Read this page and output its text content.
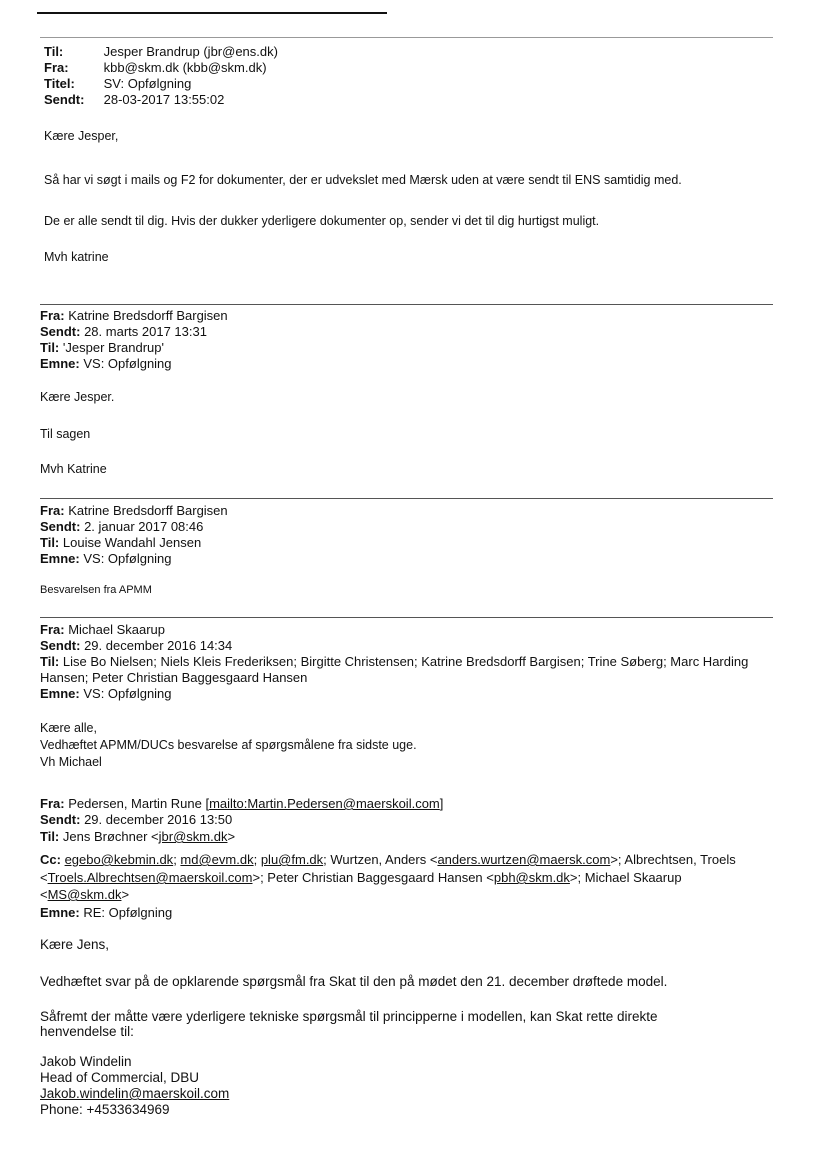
Til:	Jesper Brandrup (jbr@ens.dk)
Fra:	kbb@skm.dk (kbb@skm.dk)
Titel: SV: Opfølgning
Sendt: 28-03-2017 13:55:02
Kære Jesper,
Så har vi søgt i mails og F2 for dokumenter, der er udvekslet med Mærsk uden at være sendt til ENS samtidig med.
De er alle sendt til dig. Hvis der dukker yderligere dokumenter op, sender vi det til dig hurtigst muligt.
Mvh katrine
Fra: Katrine Bredsdorff Bargisen
Sendt: 28. marts 2017 13:31
Til: 'Jesper Brandrup'
Emne: VS: Opfølgning
Kære Jesper.
Til sagen
Mvh Katrine
Fra: Katrine Bredsdorff Bargisen
Sendt: 2. januar 2017 08:46
Til: Louise Wandahl Jensen
Emne: VS: Opfølgning
Besvarelsen fra APMM
Fra: Michael Skaarup
Sendt: 29. december 2016 14:34
Til: Lise Bo Nielsen; Niels Kleis Frederiksen; Birgitte Christensen; Katrine Bredsdorff Bargisen; Trine Søberg; Marc Harding
Hansen; Peter Christian Baggesgaard Hansen
Emne: VS: Opfølgning
Kære alle,
Vedhæftet APMM/DUCs besvarelse af spørgsmålene fra sidste uge.
Vh Michael
Fra: Pedersen, Martin Rune [mailto:Martin.Pedersen@maerskoil.com]
Sendt: 29. december 2016 13:50
Til: Jens Brøchner <jbr@skm.dk>
Cc: egebo@kebmin.dk; md@evm.dk; plu@fm.dk; Wurtzen, Anders <anders.wurtzen@maersk.com>; Albrechtsen, Troels
<Troels.Albrechtsen@maerskoil.com>; Peter Christian Baggesgaard Hansen <pbh@skm.dk>; Michael Skaarup
<MS@skm.dk>
Emne: RE: Opfølgning
Kære Jens,
Vedhæftet svar på de opklarende spørgsmål fra Skat til den på mødet den 21. december drøftede model.
Såfremt der måtte være yderligere tekniske spørgsmål til principperne i modellen, kan Skat rette direkte
henvendelse til:
Jakob Windelin
Head of Commercial, DBU
Jakob.windelin@maerskoil.com
Phone: +4533634969
